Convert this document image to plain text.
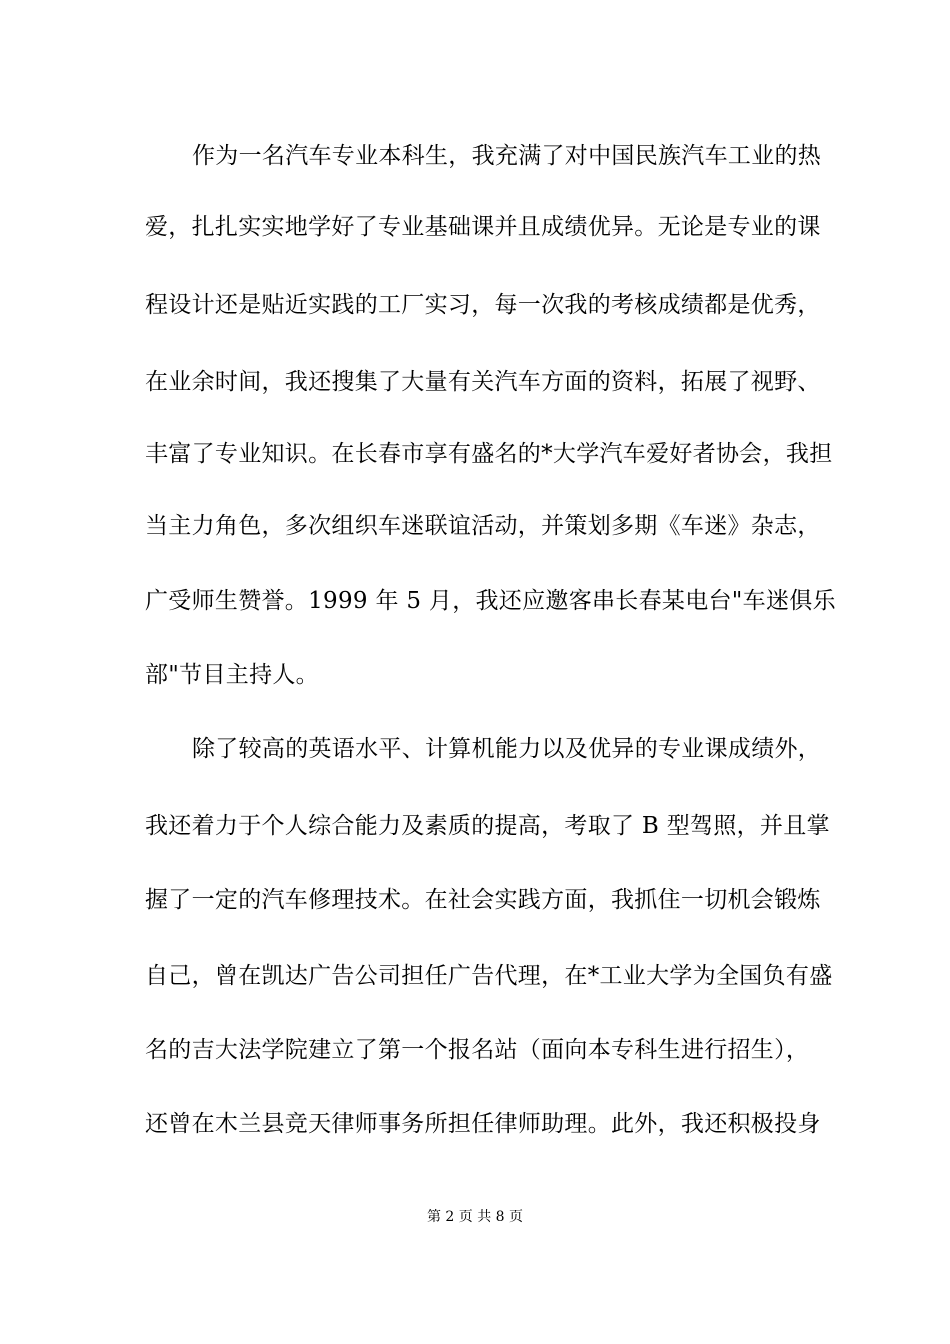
作为一名汽车专业本科生，我充满了对中国民族汽车工业的热
爱，扎扎实实地学好了专业基础课并且成绩优异。无论是专业的课
程设计还是贴近实践的工厂实习，每一次我的考核成绩都是优秀，
在业余时间，我还搜集了大量有关汽车方面的资料，拓展了视野、
丰富了专业知识。在长春市享有盛名的*大学汽车爱好者协会，我担
当主力角色，多次组织车迷联谊活动，并策划多期《车迷》杂志，
广受师生赞誉。1999 年 5 月，我还应邀客串长春某电台"车迷俱乐
部"节目主持人。
除了较高的英语水平、计算机能力以及优异的专业课成绩外，
我还着力于个人综合能力及素质的提高，考取了 B 型驾照，并且掌
握了一定的汽车修理技术。在社会实践方面，我抓住一切机会锻炼
自己，曾在凯达广告公司担任广告代理，在*工业大学为全国负有盛
名的吉大法学院建立了第一个报名站（面向本专科生进行招生），
还曾在木兰县竞天律师事务所担任律师助理。此外，我还积极投身
第 2 页 共 8 页
